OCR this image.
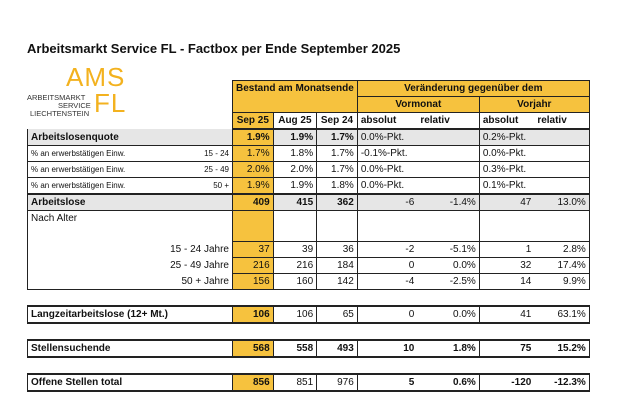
Arbeitsmarkt Service FL - Factbox per Ende September 2025
AMS
ARBEITSMARKT
SERVICE
LIECHTENSTEIN FL
			Bestand am Monatsende			Veränderung gegenüber dem			
					Vormonat		Vorjahr	
		Sep 25	Aug 25	Sep 24	absolut	relativ	absolut	relativ
Arbeitslosenquote		1.9%	1.9%	1.7%	0.0%-Pkt.		0.2%-Pkt.	
% an erwerbstätigen Einw.	15 - 24	1.7%	1.8%	1.7%	-0.1%-Pkt.		0.0%-Pkt.	
% an erwerbstätigen Einw.	25 - 49	2.0%	2.0%	1.7%	0.0%-Pkt.		0.3%-Pkt.	
% an erwerbstätigen Einw.	50 +	1.9%	1.9%	1.8%	0.0%-Pkt.		0.1%-Pkt.	
Arbeitslose		409	415	362	-6	-1.4%	47	13.0%
Nach Alter								

15 - 24 Jahre		37	39	36	-2	-5.1%	1	2.8%
25 - 49 Jahre		216	216	184	0	0.0%	32	17.4%
50 + Jahre		156	160	142	-4	-2.5%	14	9.9%

Langzeitarbeitslose (12+ Mt.)		106	106	65	0	0.0%	41	63.1%

Stellensuchende		568	558	493	10	1.8%	75	15.2%

Offene Stellen total		856	851	976	5	0.6%	-120	-12.3%
